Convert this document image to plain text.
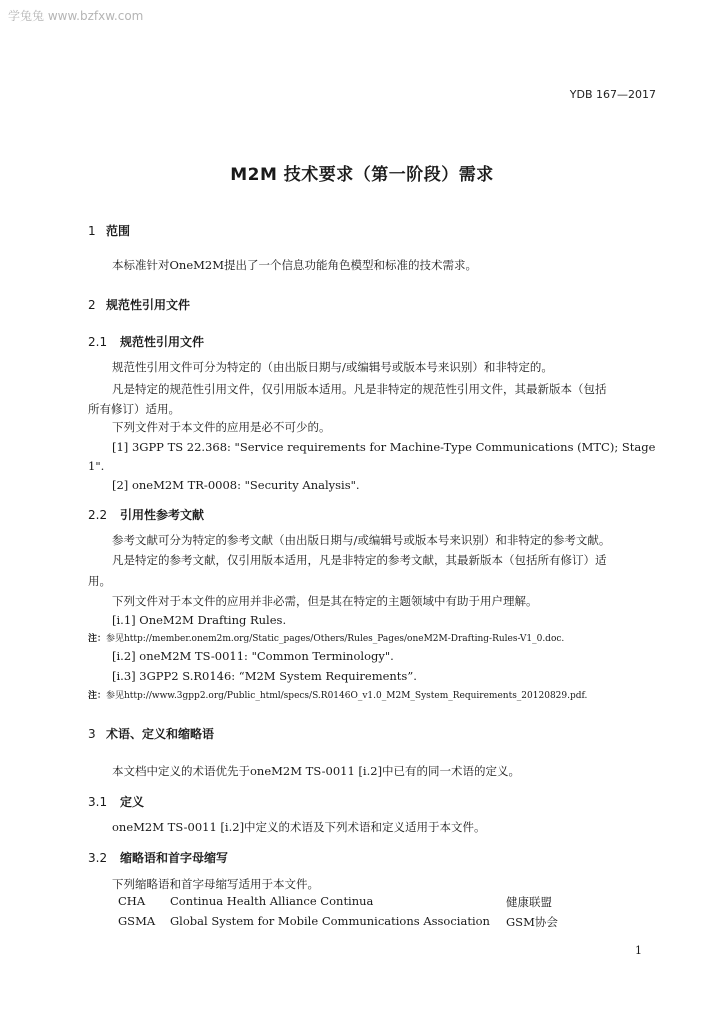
学兔兔 www.bzfxw.com
YDB 167—2017
M2M 技术要求（第一阶段）需求
1 范围
本标准针对OneM2M提出了一个信息功能角色模型和标准的技术需求。
2 规范性引用文件
2.1 规范性引用文件
规范性引用文件可分为特定的（由出版日期与/或编辑号或版本号来识别）和非特定的。
凡是特定的规范性引用文件，仅引用版本适用。凡是非特定的规范性引用文件，其最新版本（包括
所有修订）适用。
下列文件对于本文件的应用是必不可少的。
[1] 3GPP TS 22.368: "Service requirements for Machine-Type Communications (MTC); Stage
1".
[2] oneM2M TR-0008: "Security Analysis".
2.2 引用性参考文献
参考文献可分为特定的参考文献（由出版日期与/或编辑号或版本号来识别）和非特定的参考文献。
凡是特定的参考文献，仅引用版本适用，凡是非特定的参考文献，其最新版本（包括所有修订）适
用。
下列文件对于本文件的应用并非必需，但是其在特定的主题领域中有助于用户理解。
[i.1] OneM2M Drafting Rules.
注：参见http://member.onem2m.org/Static_pages/Others/Rules_Pages/oneM2M-Drafting-Rules-V1_0.doc.
[i.2] oneM2M TS-0011: "Common Terminology".
[i.3] 3GPP2 S.R0146: “M2M System Requirements”.
注：参见http://www.3gpp2.org/Public_html/specs/S.R0146O_v1.0_M2M_System_Requirements_20120829.pdf.
3 术语、定义和缩略语
本文档中定义的术语优先于oneM2M TS-0011 [i.2]中已有的同一术语的定义。
3.1 定义
oneM2M TS-0011 [i.2]中定义的术语及下列术语和定义适用于本文件。
3.2 缩略语和首字母缩写
下列缩略语和首字母缩写适用于本文件。
CHA Continua Health Alliance Continua	健康联盟
GSMA Global System for Mobile Communications Association GSM协会
1
